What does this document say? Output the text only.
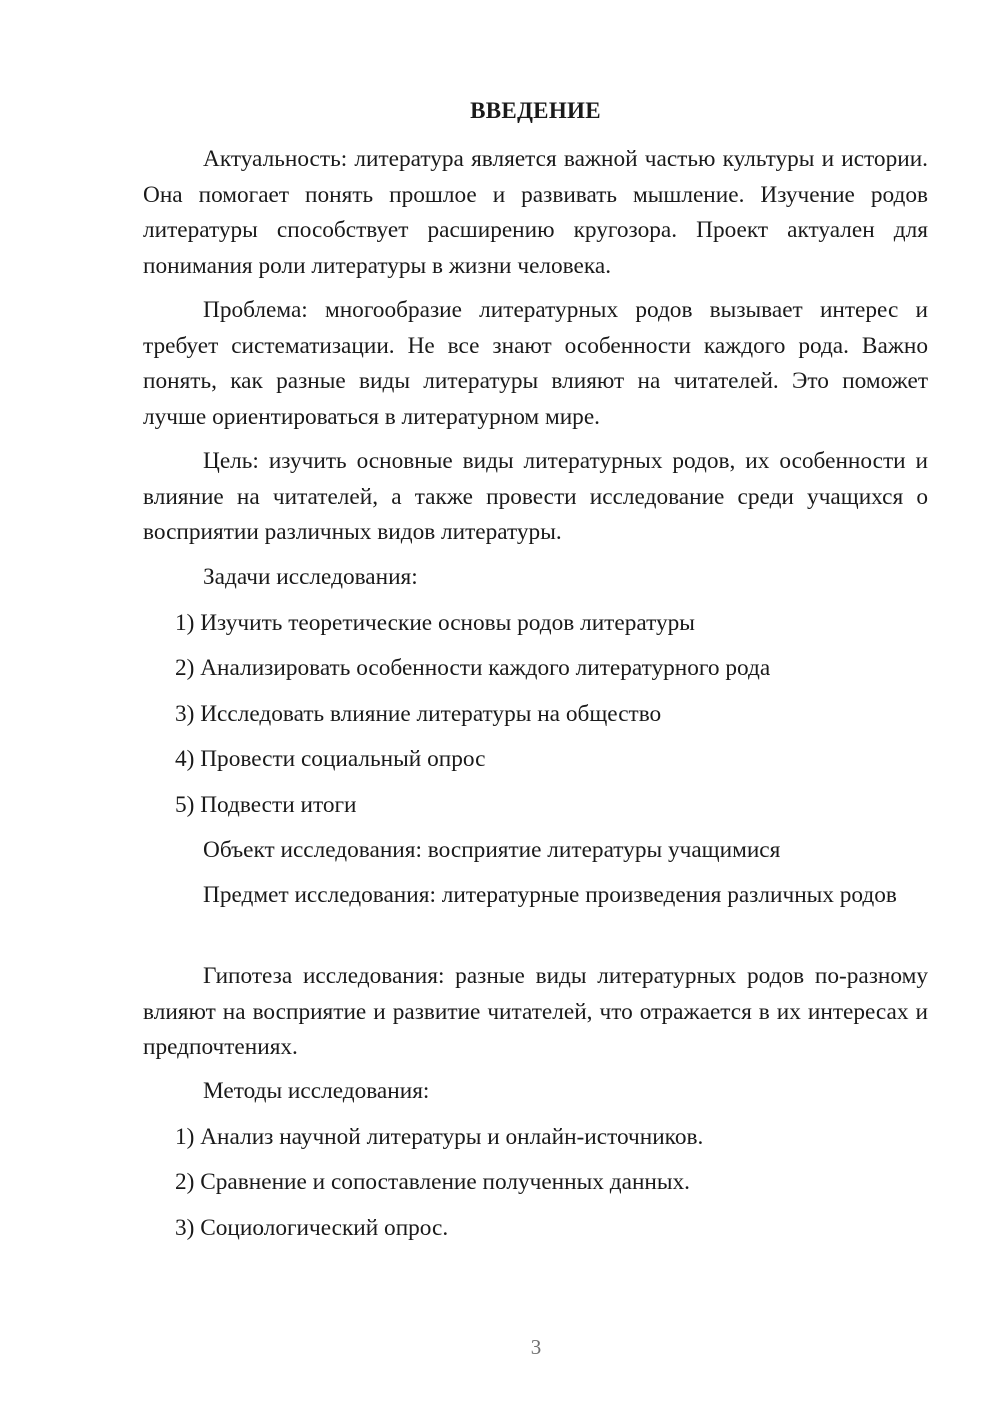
ВВЕДЕНИЕ

Актуальность: литература является важной частью культуры и истории. Она помогает понять прошлое и развивать мышление. Изучение родов литературы способствует расширению кругозора. Проект актуален для понимания роли литературы в жизни человека.

Проблема: многообразие литературных родов вызывает интерес и требует систематизации. Не все знают особенности каждого рода. Важно понять, как разные виды литературы влияют на читателей. Это поможет лучше ориентироваться в литературном мире.

Цель: изучить основные виды литературных родов, их особенности и влияние на читателей, а также провести исследование среди учащихся о восприятии различных видов литературы.

Задачи исследования:

1) Изучить теоретические основы родов литературы

2) Анализировать особенности каждого литературного рода

3) Исследовать влияние литературы на общество

4) Провести социальный опрос

5) Подвести итоги

Объект исследования: восприятие литературы учащимися

Предмет исследования: литературные произведения различных родов

Гипотеза исследования: разные виды литературных родов по-разному влияют на восприятие и развитие читателей, что отражается в их интересах и предпочтениях.

Методы исследования:

1) Анализ научной литературы и онлайн-источников.

2) Сравнение и сопоставление полученных данных.

3) Социологический опрос.

3
